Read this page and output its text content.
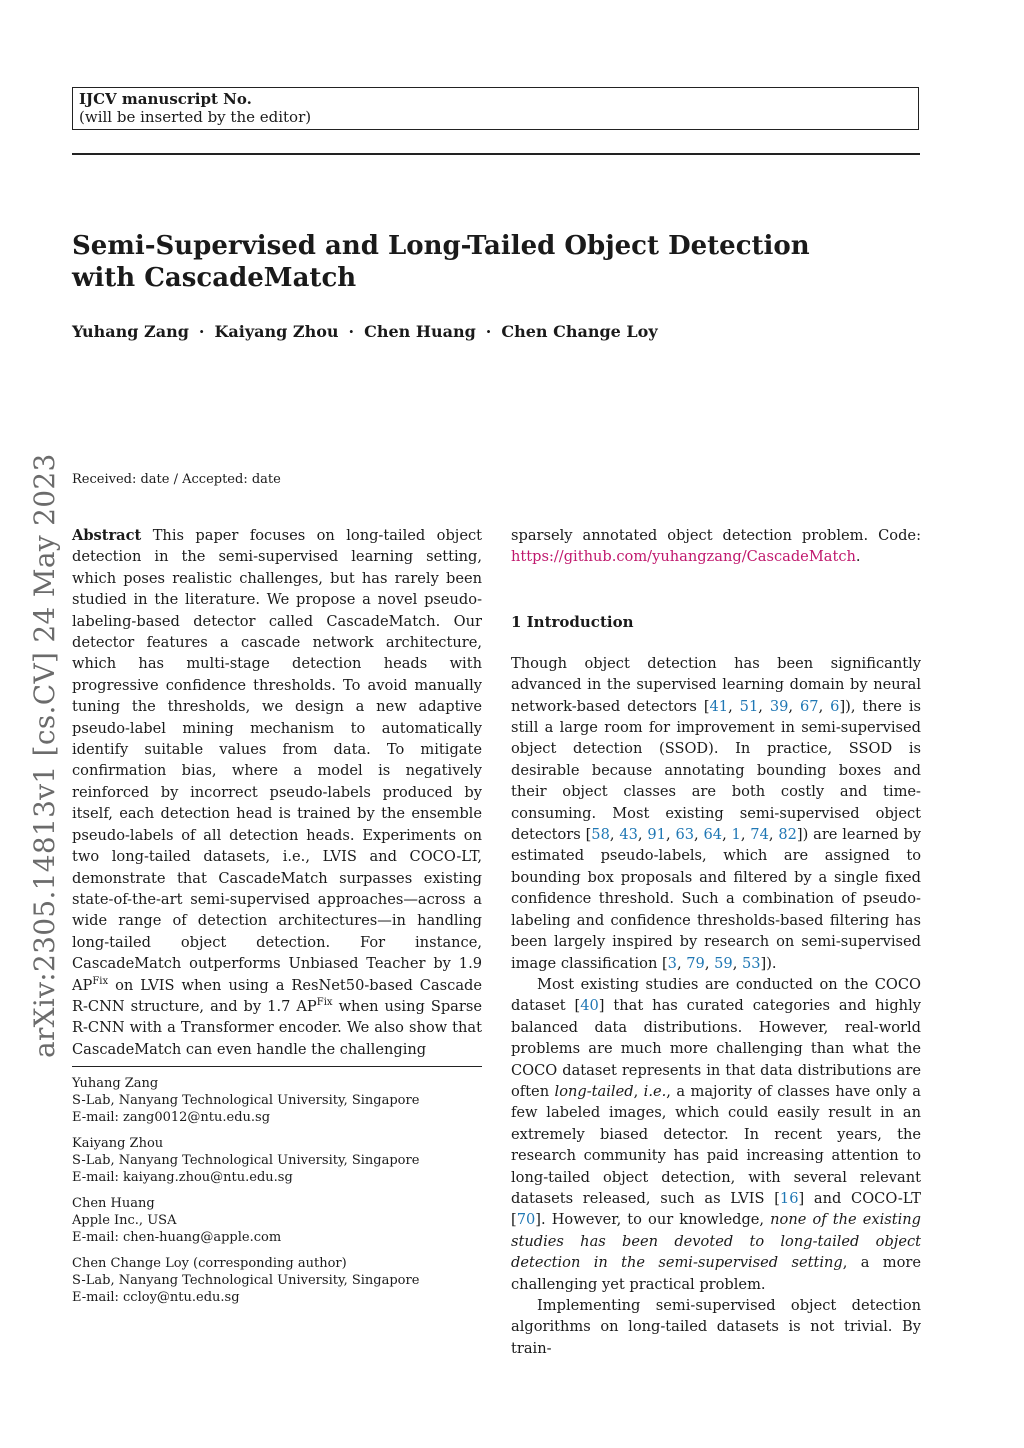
IJCV manuscript No.
(will be inserted by the editor)
Semi-Supervised and Long-Tailed Object Detection with CascadeMatch
Yuhang Zang · Kaiyang Zhou · Chen Huang · Chen Change Loy
arXiv:2305.14813v1 [cs.CV] 24 May 2023 Received: date / Accepted: date

Abstract This paper focuses on long-tailed object detection in the semi-supervised learning setting, which poses realistic challenges, but has rarely been studied in the literature. We propose a novel pseudo-labeling-based detector called CascadeMatch. Our detector features a cascade network architecture, which has multi-stage detection heads with progressive confidence thresholds. To avoid manually tuning the thresholds, we design a new adaptive pseudo-label mining mechanism to automatically identify suitable values from data. To mitigate confirmation bias, where a model is negatively reinforced by incorrect pseudo-labels produced by itself, each detection head is trained by the ensemble pseudo-labels of all detection heads. Experiments on two long-tailed datasets, i.e., LVIS and COCO-LT, demonstrate that CascadeMatch surpasses existing state-of-the-art semi-supervised approaches—across a wide range of detection architectures—in handling long-tailed object detection. For instance, CascadeMatch outperforms Unbiased Teacher by 1.9 $AP^{Fix}$ on LVIS when using a ResNet50-based Cascade R-CNN structure, and by 1.7 $AP^{Fix}$ when using Sparse R-CNN with a Transformer encoder. We also show that CascadeMatch can even handle the challenging

Yuhang Zang
S-Lab, Nanyang Technological University, Singapore
E-mail: zang0012@ntu.edu.sg
Kaiyang Zhou
S-Lab, Nanyang Technological University, Singapore
E-mail: kaiyang.zhou@ntu.edu.sg
Chen Huang
Apple Inc., USA
E-mail: chen-huang@apple.com
Chen Change Loy (corresponding author)
S-Lab, Nanyang Technological University, Singapore
E-mail: ccloy@ntu.edu.sg

sparsely annotated object detection problem. Code: https://github.com/yuhangzang/CascadeMatch.

1 Introduction

Though object detection has been significantly advanced in the supervised learning domain by neural network-based detectors [41, 51, 39, 67, 6]), there is still a large room for improvement in semi-supervised object detection (SSOD). In practice, SSOD is desirable because annotating bounding boxes and their object classes are both costly and time-consuming. Most existing semi-supervised object detectors [58, 43, 91, 63, 64, 1, 74, 82]) are learned by estimated pseudo-labels, which are assigned to bounding box proposals and filtered by a single fixed confidence threshold. Such a combination of pseudo-labeling and confidence thresholds-based filtering has been largely inspired by research on semi-supervised image classification [3, 79, 59, 53]).

Most existing studies are conducted on the COCO dataset [40] that has curated categories and highly balanced data distributions. However, real-world problems are much more challenging than what the COCO dataset represents in that data distributions are often long-tailed, i.e., a majority of classes have only a few labeled images, which could easily result in an extremely biased detector. In recent years, the research community has paid increasing attention to long-tailed object detection, with several relevant datasets released, such as LVIS [16] and COCO-LT [70]. However, to our knowledge, none of the existing studies has been devoted to long-tailed object detection in the semi-supervised setting, a more challenging yet practical problem.

Implementing semi-supervised object detection algorithms on long-tailed datasets is not trivial. By train-
